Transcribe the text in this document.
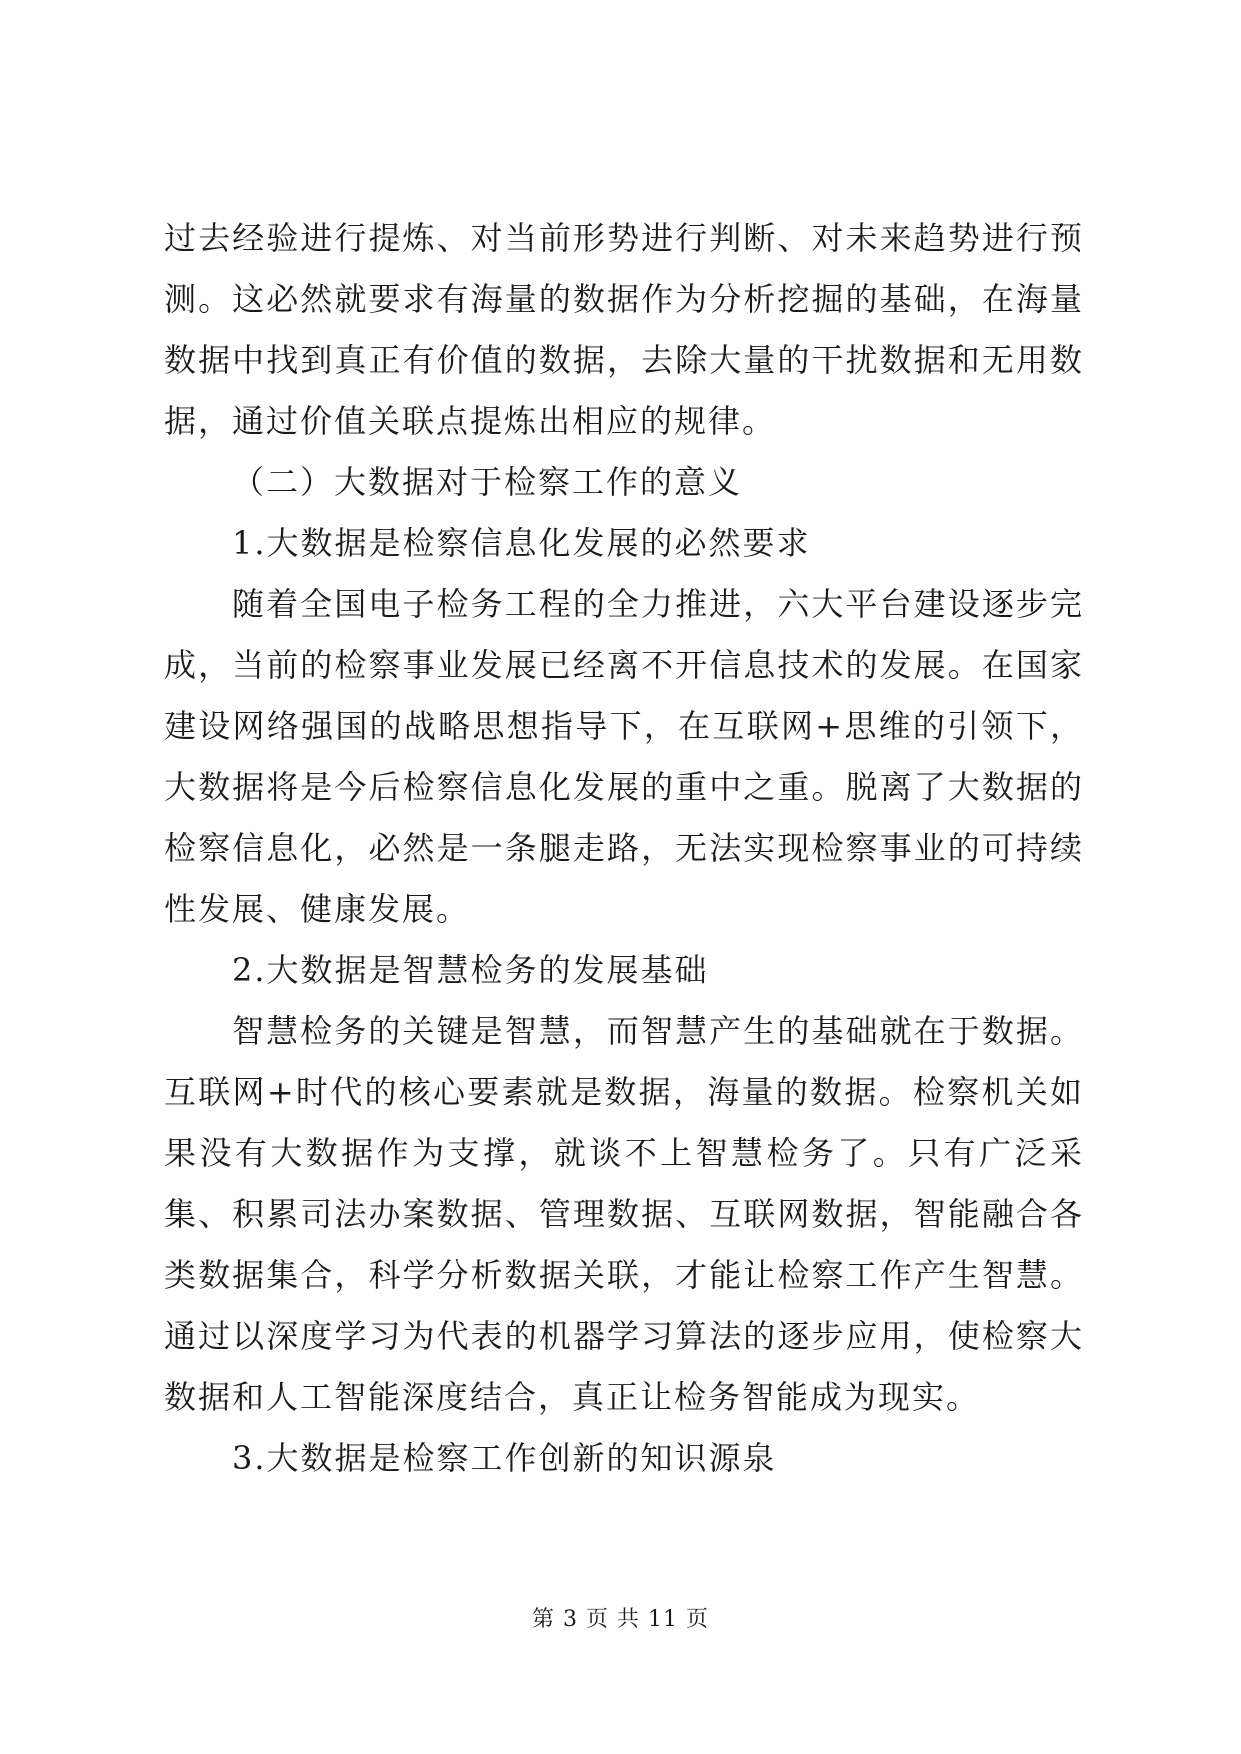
过去经验进行提炼、对当前形势进行判断、对未来趋势进行预测。这必然就要求有海量的数据作为分析挖掘的基础，在海量数据中找到真正有价值的数据，去除大量的干扰数据和无用数据，通过价值关联点提炼出相应的规律。

（二）大数据对于检察工作的意义

1.大数据是检察信息化发展的必然要求

随着全国电子检务工程的全力推进，六大平台建设逐步完成，当前的检察事业发展已经离不开信息技术的发展。在国家建设网络强国的战略思想指导下，在互联网+思维的引领下，大数据将是今后检察信息化发展的重中之重。脱离了大数据的检察信息化，必然是一条腿走路，无法实现检察事业的可持续性发展、健康发展。

2.大数据是智慧检务的发展基础

智慧检务的关键是智慧，而智慧产生的基础就在于数据。互联网+时代的核心要素就是数据，海量的数据。检察机关如果没有大数据作为支撑，就谈不上智慧检务了。只有广泛采集、积累司法办案数据、管理数据、互联网数据，智能融合各类数据集合，科学分析数据关联，才能让检察工作产生智慧。通过以深度学习为代表的机器学习算法的逐步应用，使检察大数据和人工智能深度结合，真正让检务智能成为现实。

3.大数据是检察工作创新的知识源泉

第 3 页 共 11 页
